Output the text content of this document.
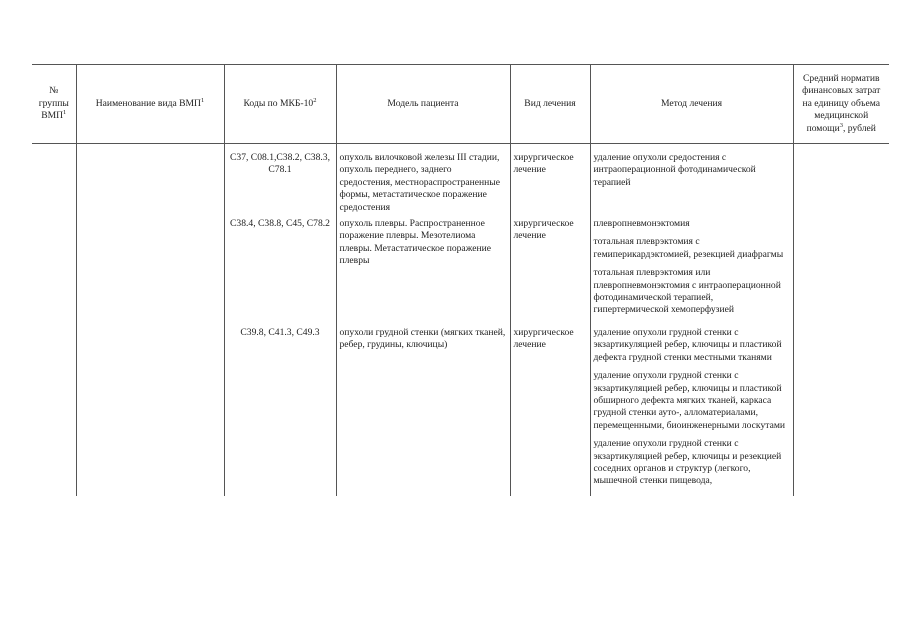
№ группы ВМП$^1$	Наименование вида ВМП$^1$	Коды по МКБ-$10^2$	Модель пациента	Вид лечения	Метод лечения	Средний норматив финансовых затрат на единицу объема медицинской помощи$^3$, рублей

		C37, C08.1,C38.2, C38.3, C78.1	опухоль вилочковой железы III стадии, опухоль переднего, заднего средостения, местнораспространенные формы, метастатическое поражение средостения	хирургическое лечение	удаление опухоли средостения с интраоперационной фотодинамической терапией	

		C38.4, C38.8, C45, C78.2	опухоль плевры. Распространенное поражение плевры. Мезотелиома плевры. Метастатическое поражение плевры	хирургическое лечение	плевропневмонэктомия
тотальная плеврэктомия с гемиперикардэктомией, резекцией диафрагмы
тотальная плеврэктомия или плевропневмонэктомия с интраоперационной фотодинамической терапией, гипертермической хемоперфузией	

		C39.8, C41.3, C49.3	опухоли грудной стенки (мягких тканей, ребер, грудины, ключицы)	хирургическое лечение	удаление опухоли грудной стенки с экзартикуляцией ребер, ключицы и пластикой дефекта грудной стенки местными тканями
удаление опухоли грудной стенки с экзартикуляцией ребер, ключицы и пластикой обширного дефекта мягких тканей, каркаса грудной стенки ауто-, алломатериалами, перемещенными, биоинженерными лоскутами
удаление опухоли грудной стенки с экзартикуляцией ребер, ключицы и резекцией соседних органов и структур (легкого, мышечной стенки пищевода,	
